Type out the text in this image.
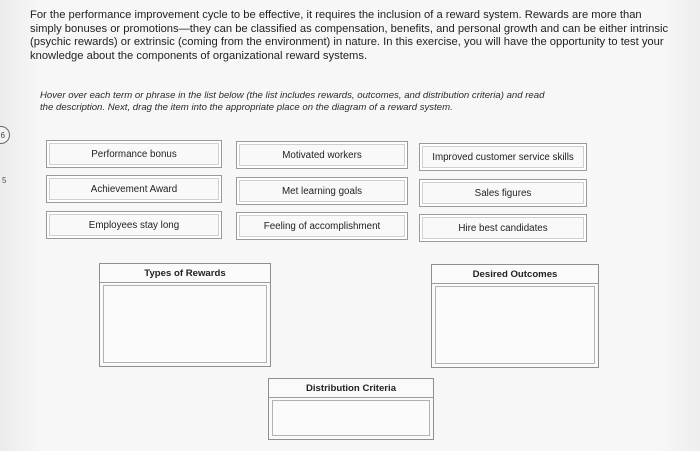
6
5
For the performance improvement cycle to be effective, it requires the inclusion of a reward system. Rewards are more than simply bonuses or promotions—they can be classified as compensation, benefits, and personal growth and can be either intrinsic (psychic rewards) or extrinsic (coming from the environment) in nature. In this exercise, you will have the opportunity to test your knowledge about the components of organizational reward systems.
Hover over each term or phrase in the list below (the list includes rewards, outcomes, and distribution criteria) and read the description. Next, drag the item into the appropriate place on the diagram of a reward system.
Performance bonus	Motivated workers	Improved customer service skills
Achievement Award	Met learning goals	Sales figures
Employees stay long	Feeling of accomplishment	Hire best candidates
Types of Rewards	Desired Outcomes
Distribution Criteria
